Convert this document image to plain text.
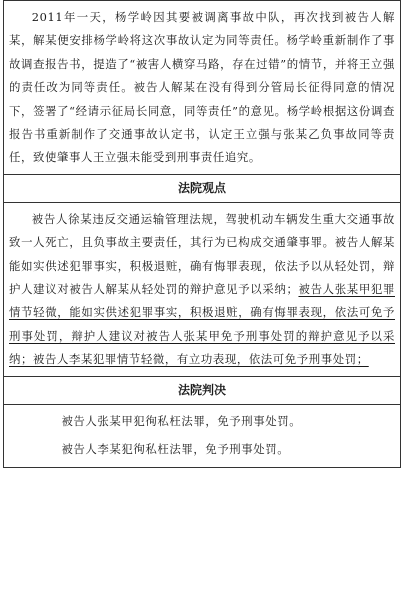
2011年一天，杨学岭因其要被调离事故中队，再次找到被告人解某，解某便安排杨学岭将这次事故认定为同等责任。杨学岭重新制作了事故调查报告书，提造了“被害人横穿马路，存在过错”的情节，并将王立强的责任改为同等责任。被告人解某在没有得到分管局长征得同意的情况下，签署了“经请示征局长同意，同等责任”的意见。杨学岭根据这份调查报告书重新制作了交通事故认定书，认定王立强与张某乙负事故同等责任，致使肇事人王立强未能受到刑事责任追究。

法院观点

被告人徐某违反交通运输管理法规，驾驶机动车辆发生重大交通事故致一人死亡，且负事故主要责任，其行为已构成交通肇事罪。被告人解某能如实供述犯罪事实，积极退赃，确有悔罪表现，依法予以从轻处罚，辩护人建议对被告人解某从轻处罚的辩护意见予以采纳；被告人张某甲犯罪情节轻微，能如实供述犯罪事实，积极退赃，确有悔罪表现，依法可免予刑事处罚，辩护人建议对被告人张某甲免予刑事处罚的辩护意见予以采纳；被告人李某犯罪情节轻微，有立功表现，依法可免予刑事处罚；

法院判决

被告人张某甲犯徇私枉法罪，免予刑事处罚。

被告人李某犯徇私枉法罪，免予刑事处罚。
